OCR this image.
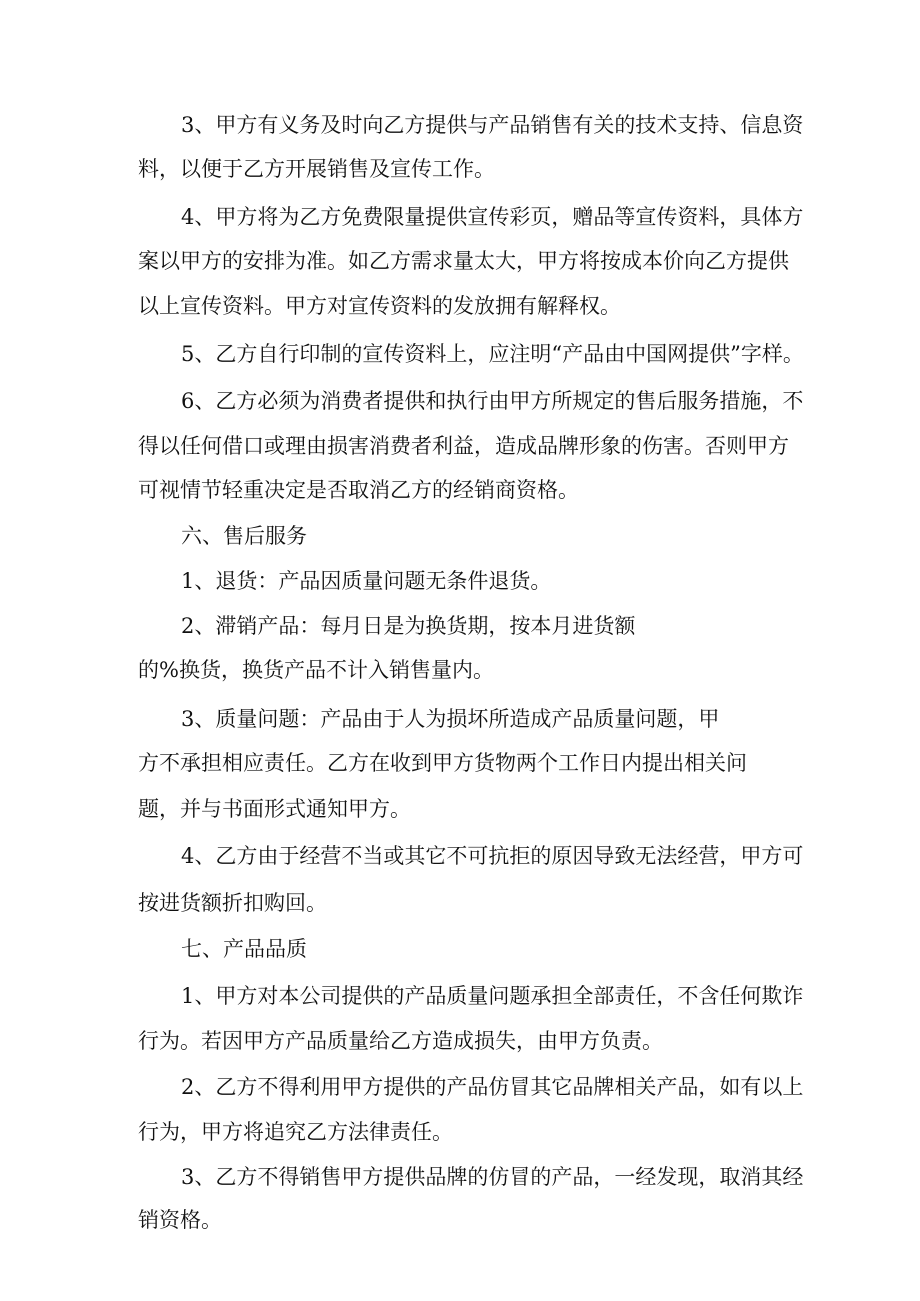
3、甲方有义务及时向乙方提供与产品销售有关的技术支持、信息资
料，以便于乙方开展销售及宣传工作。
4、甲方将为乙方免费限量提供宣传彩页，赠品等宣传资料，具体方
案以甲方的安排为准。如乙方需求量太大，甲方将按成本价向乙方提供
以上宣传资料。甲方对宣传资料的发放拥有解释权。
5、乙方自行印制的宣传资料上，应注明“产品由中国网提供”字样。
6、乙方必须为消费者提供和执行由甲方所规定的售后服务措施，不
得以任何借口或理由损害消费者利益，造成品牌形象的伤害。否则甲方
可视情节轻重决定是否取消乙方的经销商资格。
六、售后服务
1、退货：产品因质量问题无条件退货。
2、滞销产品：每月日是为换货期，按本月进货额
的%换货，换货产品不计入销售量内。
3、质量问题：产品由于人为损坏所造成产品质量问题，甲
方不承担相应责任。乙方在收到甲方货物两个工作日内提出相关问
题，并与书面形式通知甲方。
4、乙方由于经营不当或其它不可抗拒的原因导致无法经营，甲方可
按进货额折扣购回。
七、产品品质
1、甲方对本公司提供的产品质量问题承担全部责任，不含任何欺诈
行为。若因甲方产品质量给乙方造成损失，由甲方负责。
2、乙方不得利用甲方提供的产品仿冒其它品牌相关产品，如有以上
行为，甲方将追究乙方法律责任。
3、乙方不得销售甲方提供品牌的仿冒的产品，一经发现，取消其经
销资格。
